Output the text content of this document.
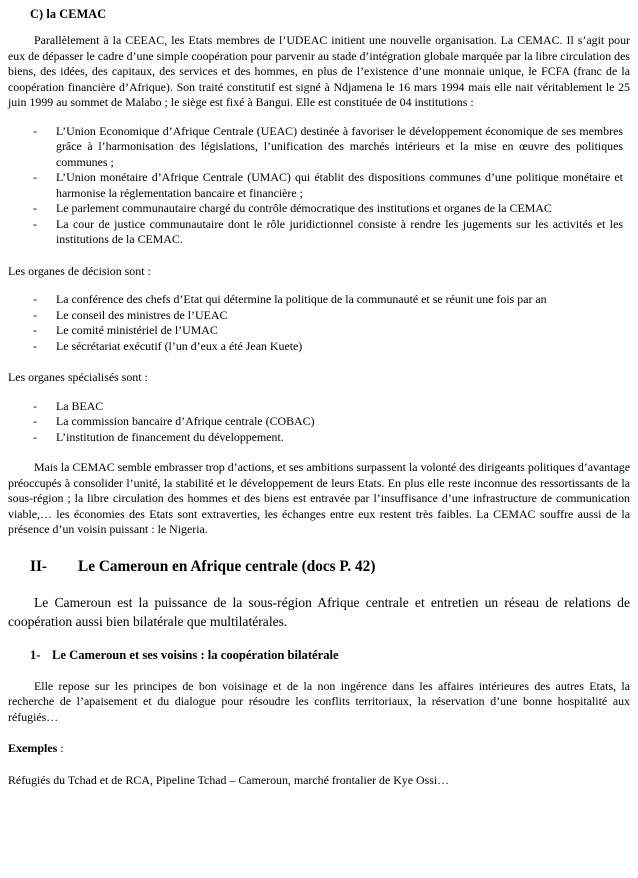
C) la CEMAC

Parallèlement à la CEEAC, les Etats membres de l’UDEAC initient une nouvelle organisation. La CEMAC. Il s’agit pour eux de dépasser le cadre d’une simple coopération pour parvenir au stade d’intégration globale marquée par la libre circulation des biens, des idées, des capitaux, des services et des hommes, en plus de l’existence d’une monnaie unique, le FCFA (franc de la coopération financière d’Afrique). Son traité constitutif est signé à Ndjamena le 16 mars 1994 mais elle nait véritablement le 25 juin 1999 au sommet de Malabo ; le siège est fixé à Bangui. Elle est constituée de 04 institutions :

-	L’Union Economique d’Afrique Centrale (UEAC) destinée à favoriser le développement économique de ses membres grâce à l’harmonisation des législations, l’unification des marchés intérieurs et la mise en œuvre des politiques communes ;
-	L’Union monétaire d’Afrique Centrale (UMAC) qui établit des dispositions communes d’une politique monétaire et harmonise la réglementation bancaire et financière ;
-	Le parlement communautaire chargé du contrôle démocratique des institutions et organes de la CEMAC
-	La cour de justice communautaire dont le rôle juridictionnel consiste à rendre les jugements sur les activités et les institutions de la CEMAC.

Les organes de décision sont :

-	La conférence des chefs d’Etat qui détermine la politique de la communauté et se réunit une fois par an
-	Le conseil des ministres de l’UEAC
-	Le comité ministériel de l’UMAC
-	Le sécrétariat exécutif (l’un d’eux a été Jean Kuete)

Les organes spécialisés sont :

-	La BEAC
-	La commission bancaire d’Afrique centrale (COBAC)
-	L’institution de financement du développement.

Mais la CEMAC semble embrasser trop d’actions, et ses ambitions surpassent la volonté des dirigeants politiques d’avantage préoccupés à consolider l’unité, la stabilité et le développement de leurs Etats. En plus elle reste inconnue des ressortissants de la sous-région ; la libre circulation des hommes et des biens est entravée par l’insuffisance d’une infrastructure de communication viable,… les économies des Etats sont extraverties, les échanges entre eux restent très faibles. La CEMAC souffre aussi de la présence d’un voisin puissant : le Nigeria.

II-	Le Cameroun en Afrique centrale (docs P. 42)

Le Cameroun est la puissance de la sous-région Afrique centrale et entretien un réseau de relations de coopération aussi bien bilatérale que multilatérales.

1- Le Cameroun et ses voisins : la coopération bilatérale

Elle repose sur les principes de bon voisinage et de la non ingérence dans les affaires intérieures des autres Etats, la recherche de l’apaisement et du dialogue pour résoudre les conflits territoriaux, la réservation d’une bonne hospitalité aux réfugiés…

Exemples :

Réfugiés du Tchad et de RCA, Pipeline Tchad – Cameroun, marché frontalier de Kye Ossi…
